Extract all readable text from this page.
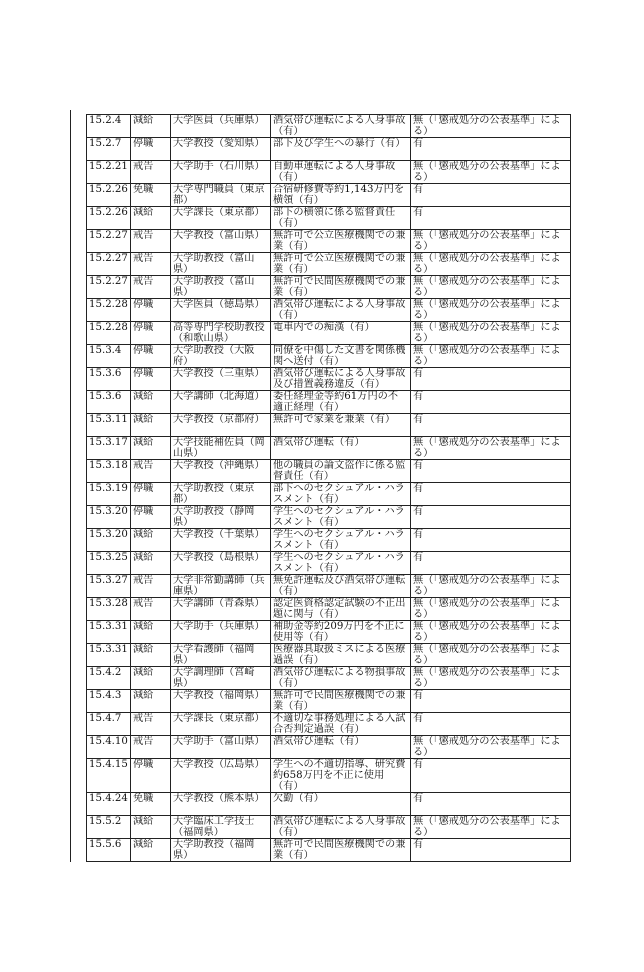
15.2.4	減給	大学医員（兵庫県）	酒気帯び運転による人身事故（有）	無（「懲戒処分の公表基準」による）
15.2.7	停職	大学教授（愛知県）	部下及び学生への暴行（有）	有
15.2.21	戒告	大学助手（石川県）	自動車運転による人身事故（有）	無（「懲戒処分の公表基準」による）
15.2.26	免職	大学専門職員（東京都）	合宿研修費等約1,143万円を横領（有）	有
15.2.26	減給	大学課長（東京都）	部下の横領に係る監督責任（有）	有
15.2.27	戒告	大学教授（富山県）	無許可で公立医療機関での兼業（有）	無（「懲戒処分の公表基準」による）
15.2.27	戒告	大学助教授（富山県）	無許可で公立医療機関での兼業（有）	無（「懲戒処分の公表基準」による）
15.2.27	戒告	大学助教授（富山県）	無許可で民間医療機関での兼業（有）	無（「懲戒処分の公表基準」による）
15.2.28	停職	大学医員（徳島県）	酒気帯び運転による人身事故（有）	無（「懲戒処分の公表基準」による）
15.2.28	停職	高等専門学校助教授（和歌山県）	電車内での痴漢（有）	無（「懲戒処分の公表基準」による）
15.3.4	停職	大学助教授（大阪府）	同僚を中傷した文書を関係機関へ送付（有）	無（「懲戒処分の公表基準」による）
15.3.6	停職	大学教授（三重県）	酒気帯び運転による人身事故及び措置義務違反（有）	有
15.3.6	減給	大学講師（北海道）	委任経理金等約61万円の不適正経理（有）	有
15.3.11	減給	大学教授（京都府）	無許可で家業を兼業（有）	有
15.3.17	減給	大学技能補佐員（岡山県）	酒気帯び運転（有）	無（「懲戒処分の公表基準」による）
15.3.18	戒告	大学教授（沖縄県）	他の職員の論文盗作に係る監督責任（有）	有
15.3.19	停職	大学助教授（東京都）	部下へのセクシュアル・ハラスメント（有）	有
15.3.20	停職	大学助教授（静岡県）	学生へのセクシュアル・ハラスメント（有）	有
15.3.20	減給	大学教授（千葉県）	学生へのセクシュアル・ハラスメント（有）	有
15.3.25	減給	大学教授（島根県）	学生へのセクシュアル・ハラスメント（有）	有
15.3.27	戒告	大学非常勤講師（兵庫県）	無免許運転及び酒気帯び運転（有）	無（「懲戒処分の公表基準」による）
15.3.28	戒告	大学講師（青森県）	認定医資格認定試験の不正出題に関与（有）	無（「懲戒処分の公表基準」による）
15.3.31	減給	大学助手（兵庫県）	補助金等約209万円を不正に使用等（有）	無（「懲戒処分の公表基準」による）
15.3.31	減給	大学看護師（福岡県）	医療器具取扱ミスによる医療過誤（有）	無（「懲戒処分の公表基準」による）
15.4.2	減給	大学調理師（宮崎県）	酒気帯び運転による物損事故（有）	無（「懲戒処分の公表基準」による）
15.4.3	減給	大学教授（福岡県）	無許可で民間医療機関での兼業（有）	有
15.4.7	戒告	大学課長（東京都）	不適切な事務処理による入試合否判定過誤（有）	有
15.4.10	戒告	大学助手（富山県）	酒気帯び運転（有）	無（「懲戒処分の公表基準」による）
15.4.15	停職	大学教授（広島県）	学生への不適切指導、研究費約658万円を不正に使用（有）	有
15.4.24	免職	大学教授（熊本県）	欠勤（有）	有
15.5.2	減給	大学臨床工学技士（福岡県）	酒気帯び運転による人身事故（有）	無（「懲戒処分の公表基準」による）
15.5.6	減給	大学助教授（福岡県）	無許可で民間医療機関での兼業（有）	有
